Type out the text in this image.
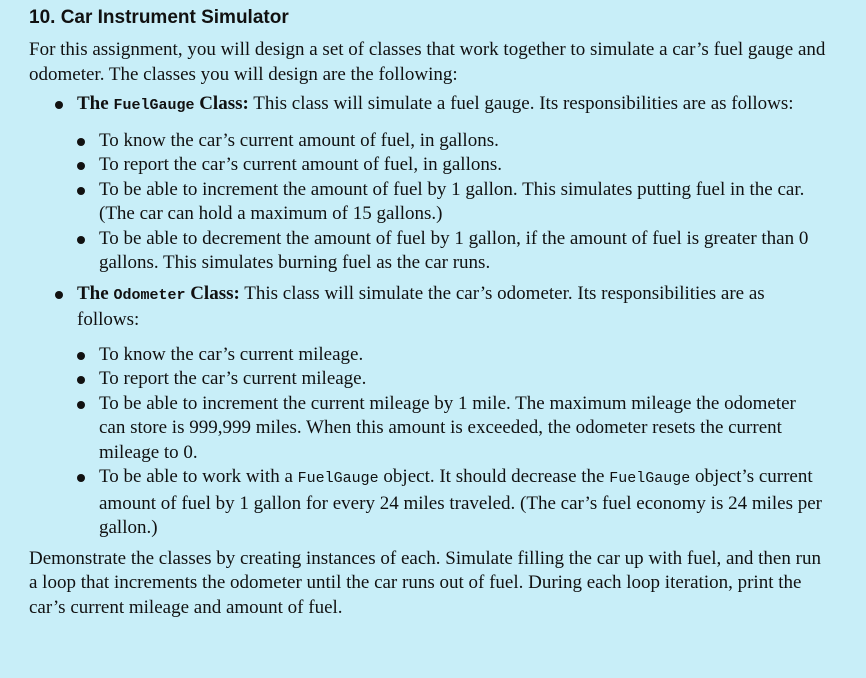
10. Car Instrument Simulator

For this assignment, you will design a set of classes that work together to simulate a car’s fuel gauge and odometer. The classes you will design are the following:

The FuelGauge Class: This class will simulate a fuel gauge. Its responsibilities are as follows:
To know the car’s current amount of fuel, in gallons.
To report the car’s current amount of fuel, in gallons.
To be able to increment the amount of fuel by 1 gallon. This simulates putting fuel in the car. (The car can hold a maximum of 15 gallons.)
To be able to decrement the amount of fuel by 1 gallon, if the amount of fuel is greater than 0 gallons. This simulates burning fuel as the car runs.
The Odometer Class: This class will simulate the car’s odometer. Its responsibilities are as follows:
To know the car’s current mileage.
To report the car’s current mileage.
To be able to increment the current mileage by 1 mile. The maximum mileage the odometer can store is 999,999 miles. When this amount is exceeded, the odometer resets the current mileage to 0.
To be able to work with a FuelGauge object. It should decrease the FuelGauge object’s current amount of fuel by 1 gallon for every 24 miles traveled. (The car’s fuel economy is 24 miles per gallon.)

Demonstrate the classes by creating instances of each. Simulate filling the car up with fuel, and then run a loop that increments the odometer until the car runs out of fuel. During each loop iteration, print the car’s current mileage and amount of fuel.
